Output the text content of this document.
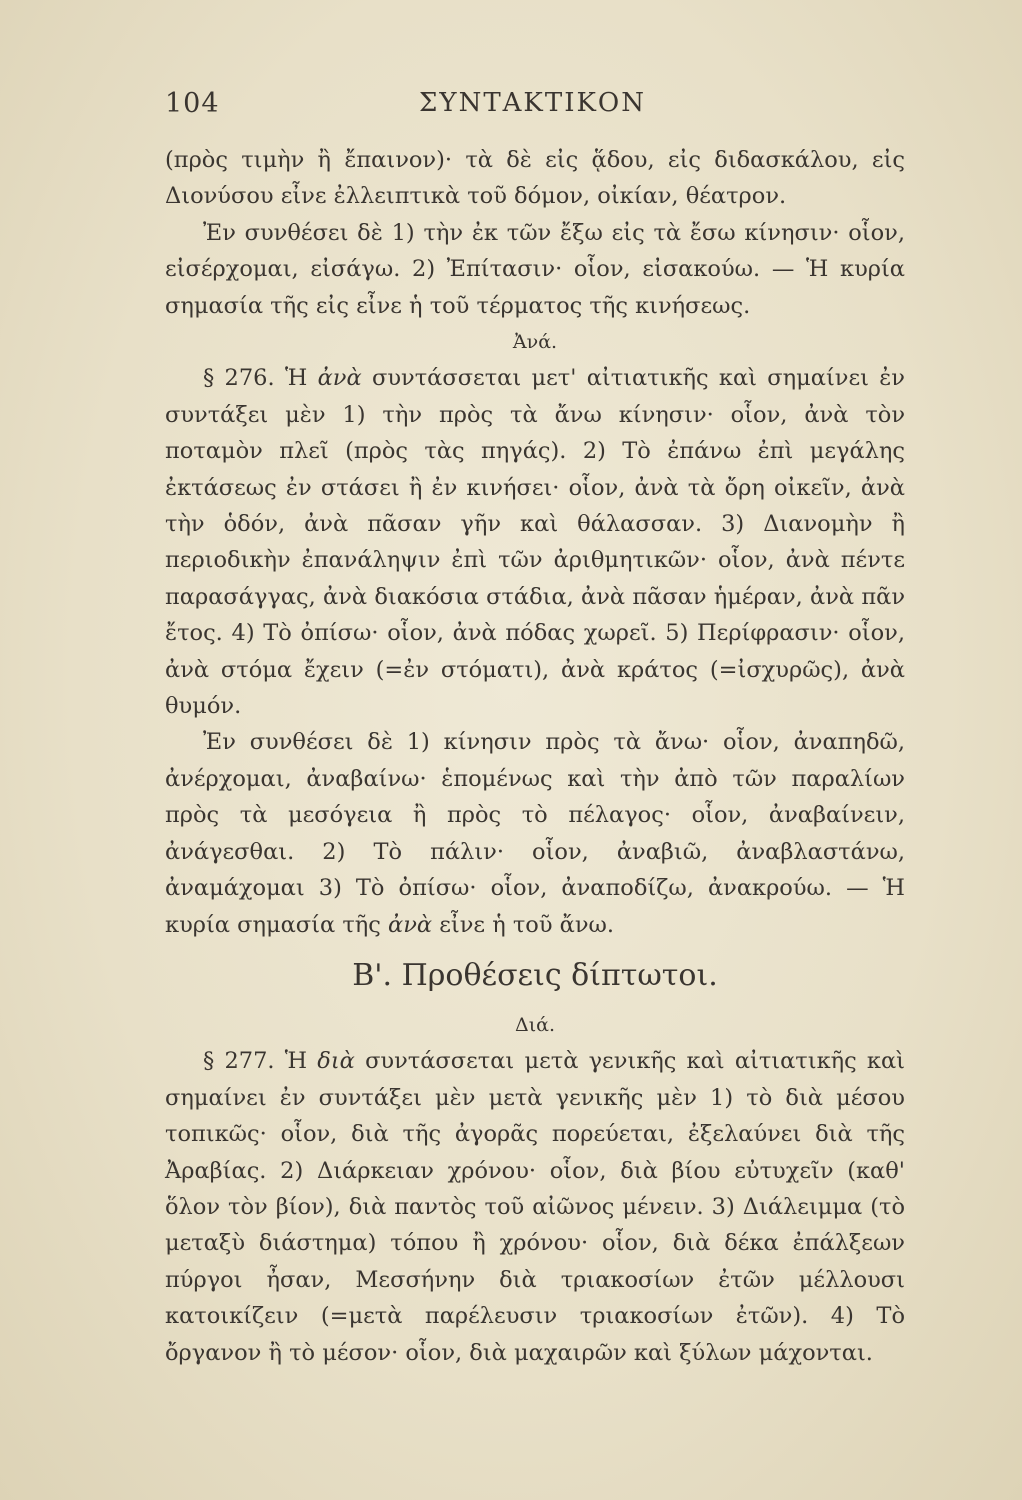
104	ΣΥΝΤΑΚΤΙΚΟΝ

(πρὸς τιμὴν ἢ ἔπαινον)· τὰ δὲ εἰς ᾅδου, εἰς διδασκάλου, εἰς Διονύσου εἶνε ἐλλειπτικὰ τοῦ δόμον, οἰκίαν, θέατρον.

Ἐν συνθέσει δὲ 1) τὴν ἐκ τῶν ἔξω εἰς τὰ ἔσω κίνησιν· οἷον, εἰσέρχομαι, εἰσάγω. 2) Ἐπίτασιν· οἷον, εἰσακούω. — Ἡ κυρία σημασία τῆς εἰς εἶνε ἡ τοῦ τέρματος τῆς κινήσεως.

Ἀνά.

§ 276. Ἡ ἀνὰ συντάσσεται μετ' αἰτιατικῆς καὶ σημαίνει ἐν συντάξει μὲν 1) τὴν πρὸς τὰ ἄνω κίνησιν· οἷον, ἀνὰ τὸν ποταμὸν πλεῖ (πρὸς τὰς πηγάς). 2) Τὸ ἐπάνω ἐπὶ μεγάλης ἐκτάσεως ἐν στάσει ἢ ἐν κινήσει· οἷον, ἀνὰ τὰ ὄρη οἰκεῖν, ἀνὰ τὴν ὁδόν, ἀνὰ πᾶσαν γῆν καὶ θάλασσαν. 3) Διανομὴν ἢ περιοδικὴν ἐπανάληψιν ἐπὶ τῶν ἀριθμητικῶν· οἷον, ἀνὰ πέντε παρασάγγας, ἀνὰ διακόσια στάδια, ἀνὰ πᾶσαν ἡμέραν, ἀνὰ πᾶν ἔτος. 4) Τὸ ὀπίσω· οἷον, ἀνὰ πόδας χωρεῖ. 5) Περίφρασιν· οἷον, ἀνὰ στόμα ἔχειν (=ἐν στόματι), ἀνὰ κράτος (=ἰσχυρῶς), ἀνὰ θυμόν.

Ἐν συνθέσει δὲ 1) κίνησιν πρὸς τὰ ἄνω· οἷον, ἀναπηδῶ, ἀνέρχομαι, ἀναβαίνω· ἑπομένως καὶ τὴν ἀπὸ τῶν παραλίων πρὸς τὰ μεσόγεια ἢ πρὸς τὸ πέλαγος· οἷον, ἀναβαίνειν, ἀνάγεσθαι. 2) Τὸ πάλιν· οἷον, ἀναβιῶ, ἀναβλαστάνω, ἀναμάχομαι 3) Τὸ ὀπίσω· οἷον, ἀναποδίζω, ἀνακρούω. — Ἡ κυρία σημασία τῆς ἀνὰ εἶνε ἡ τοῦ ἄνω.

Β'. Προθέσεις δίπτωτοι.

Διά.

§ 277. Ἡ διὰ συντάσσεται μετὰ γενικῆς καὶ αἰτιατικῆς καὶ σημαίνει ἐν συντάξει μὲν μετὰ γενικῆς μὲν 1) τὸ διὰ μέσου τοπικῶς· οἷον, διὰ τῆς ἀγορᾶς πορεύεται, ἐξελαύνει διὰ τῆς Ἀραβίας. 2) Διάρκειαν χρόνου· οἷον, διὰ βίου εὐτυχεῖν (καθ' ὅλον τὸν βίον), διὰ παντὸς τοῦ αἰῶνος μένειν. 3) Διάλειμμα (τὸ μεταξὺ διάστημα) τόπου ἢ χρόνου· οἷον, διὰ δέκα ἐπάλξεων πύργοι ἦσαν, Μεσσήνην διὰ τριακοσίων ἐτῶν μέλλουσι κατοικίζειν (=μετὰ παρέλευσιν τριακοσίων ἐτῶν). 4) Τὸ ὄργανον ἢ τὸ μέσον· οἷον, διὰ μαχαιρῶν καὶ ξύλων μάχονται.
